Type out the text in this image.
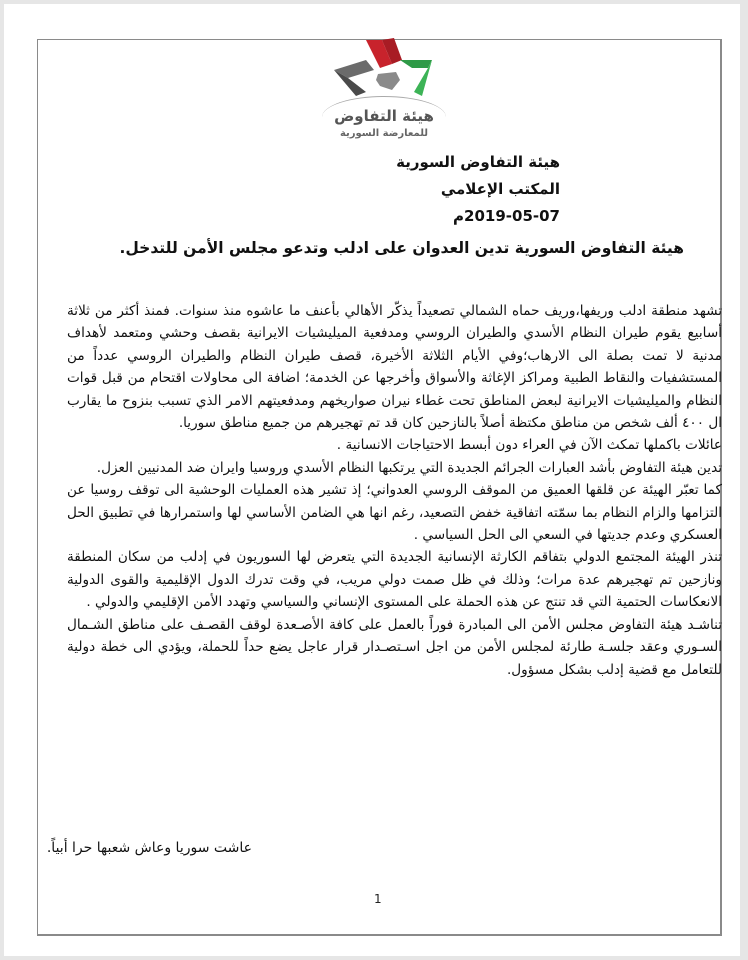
هيئة التفاوض
للمعارضة السورية
هيئة التفاوض السورية
المكتب الإعلامي
2019-05-07م
هيئة التفاوض السورية تدين العدوان على ادلب وتدعو مجلس الأمن للتدخل.

تشهد منطقة ادلب وريفها،وريف حماه الشمالي تصعيداً يذكّر الأهالي بأعنف ما عاشوه منذ سنوات. فمنذ أكثر من ثلاثة أسابيع يقوم طيران النظام الأسدي والطيران الروسي ومدفعية الميليشيات الايرانية بقصف وحشي ومتعمد لأهداف مدنية لا تمت بصلة الى الارهاب؛وفي الأيام الثلاثة الأخيرة، قصف طيران النظام والطيران الروسي عدداً من المستشفيات والنقاط الطبية ومراكز الإغاثة والأسواق وأخرجها عن الخدمة؛ اضافة الى محاولات اقتحام من قبل قوات النظام والميليشيات الايرانية لبعض المناطق تحت غطاء نيران صواريخهم ومدفعيتهم الامر الذي تسبب بنزوح ما يقارب ال ٤٠٠ ألف شخص من مناطق مكتظة أصلاً بالنازحين كان قد تم تهجيرهم من جميع مناطق سوريا.

عائلات باكملها تمكث الآن في العراء دون أبسط الاحتياجات الانسانية .

تدين هيئة التفاوض بأشد العبارات الجرائم الجديدة التي يرتكبها النظام الأسدي وروسيا وايران ضد المدنيين العزل.

كما تعبّر الهيئة عن قلقها العميق من الموقف الروسي العدواني؛ إذ تشير هذه العمليات الوحشية الى توقف روسيا عن التزامها والزام النظام بما سمّته اتفاقية خفض التصعيد، رغم انها هي الضامن الأساسي لها واستمرارها في تطبيق الحل العسكري وعدم جديتها في السعي الى الحل السياسي .

تنذر الهيئة المجتمع الدولي بتفاقم الكارثة الإنسانية الجديدة التي يتعرض لها السوريون في إدلب من سكان المنطقة ونازحين تم تهجيرهم عدة مرات؛ وذلك في ظل صمت دولي مريب، في وقت تدرك الدول الإقليمية والقوى الدولية الانعكاسات الحتمية التي قد تنتج عن هذه الحملة على المستوى الإنساني والسياسي وتهدد الأمن الإقليمي والدولي .

تناشـد هيئة التفاوض مجلس الأمن الى المبادرة فوراً بالعمل على كافة الأصـعدة لوقف القصـف على مناطق الشـمال السـوري وعقد جلسـة طارئة لمجلس الأمن من اجل اسـتصـدار قرار عاجل يضع حداً للحملة، ويؤدي الى خطة دولية للتعامل مع قضية إدلب بشكل مسؤول.

عاشت سوريا وعاش شعبها حرا أبياً.
1
